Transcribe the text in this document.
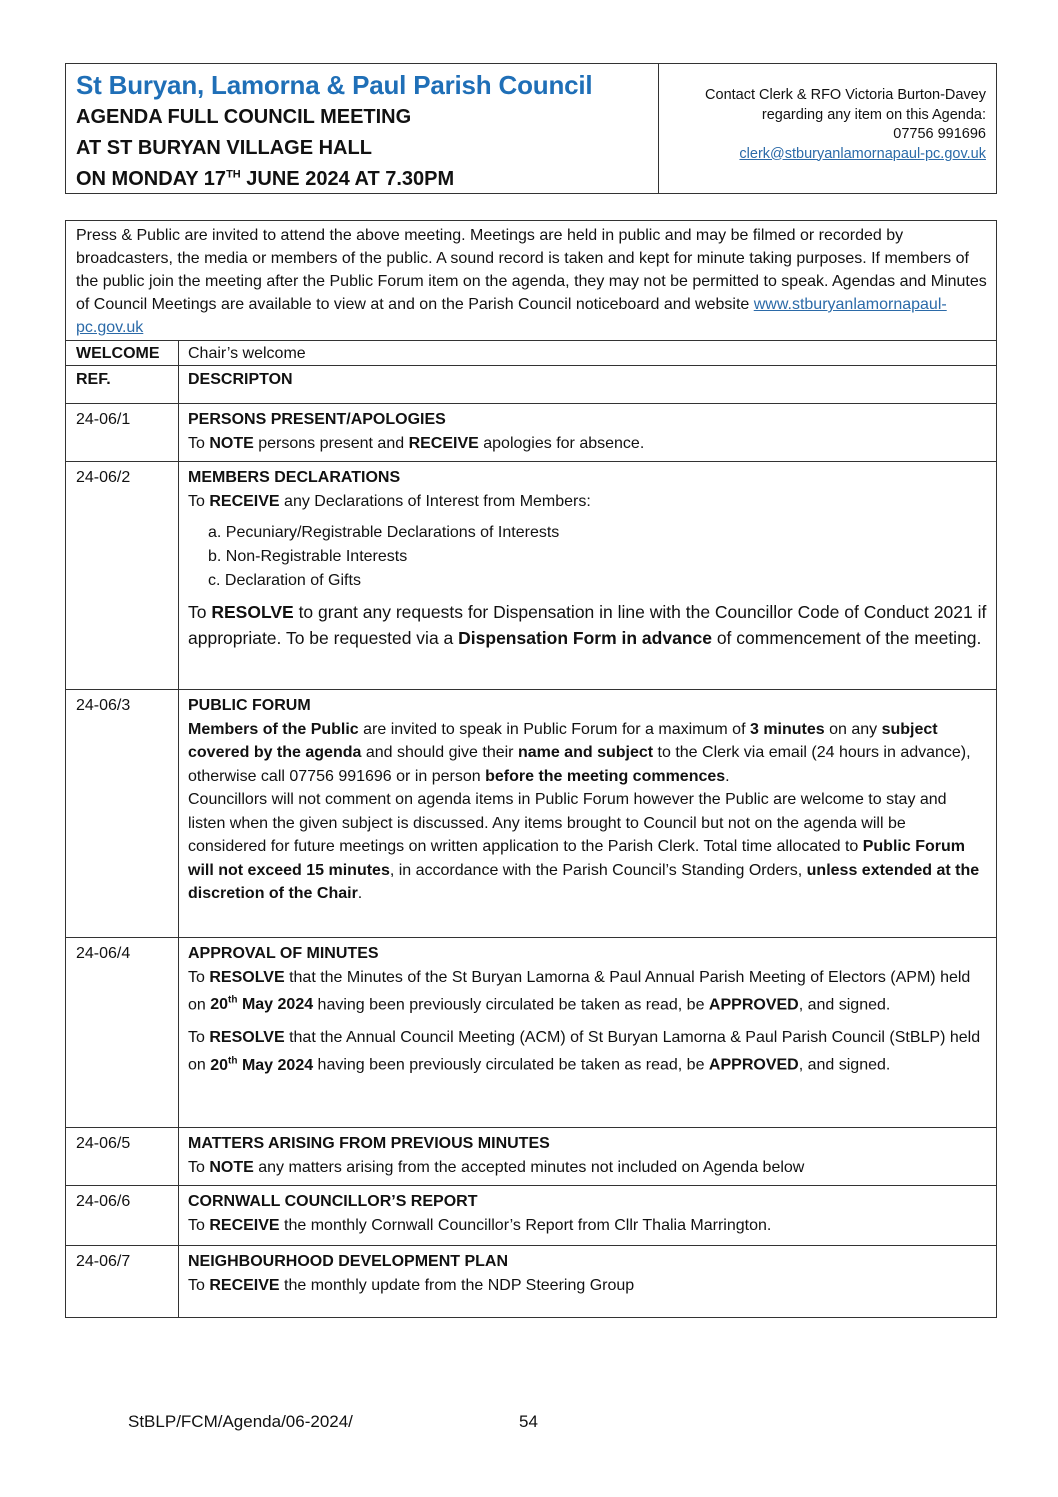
St Buryan, Lamorna & Paul Parish Council
AGENDA FULL COUNCIL MEETING
AT ST BURYAN VILLAGE HALL
ON MONDAY 17TH JUNE 2024 AT 7.30PM
Contact Clerk & RFO Victoria Burton-Davey
regarding any item on this Agenda:
07756 991696
clerk@stburyanlamornapaul-pc.gov.uk
Press & Public are invited to attend the above meeting. Meetings are held in public and may be filmed or recorded by broadcasters, the media or members of the public. A sound record is taken and kept for minute taking purposes. If members of the public join the meeting after the Public Forum item on the agenda, they may not be permitted to speak. Agendas and Minutes of Council Meetings are available to view at and on the Parish Council noticeboard and website www.stburyanlamornapaul-pc.gov.uk
WELCOME	Chair’s welcome
REF.	DESCRIPTON
24-06/1	PERSONS PRESENT/APOLOGIES
To NOTE persons present and RECEIVE apologies for absence.
24-06/2	MEMBERS DECLARATIONS
To RECEIVE any Declarations of Interest from Members:
a. Pecuniary/Registrable Declarations of Interests
b. Non-Registrable Interests
c. Declaration of Gifts
To RESOLVE to grant any requests for Dispensation in line with the Councillor Code of Conduct 2021 if appropriate. To be requested via a Dispensation Form in advance of commencement of the meeting.
24-06/3	PUBLIC FORUM
Members of the Public are invited to speak in Public Forum for a maximum of 3 minutes on any subject covered by the agenda and should give their name and subject to the Clerk via email (24 hours in advance), otherwise call 07756 991696 or in person before the meeting commences.
Councillors will not comment on agenda items in Public Forum however the Public are welcome to stay and listen when the given subject is discussed. Any items brought to Council but not on the agenda will be considered for future meetings on written application to the Parish Clerk. Total time allocated to Public Forum will not exceed 15 minutes, in accordance with the Parish Council’s Standing Orders, unless extended at the discretion of the Chair.
24-06/4	APPROVAL OF MINUTES
To RESOLVE that the Minutes of the St Buryan Lamorna & Paul Annual Parish Meeting of Electors (APM) held on 20th May 2024 having been previously circulated be taken as read, be APPROVED, and signed.
To RESOLVE that the Annual Council Meeting (ACM) of St Buryan Lamorna & Paul Parish Council (StBLP) held on 20th May 2024 having been previously circulated be taken as read, be APPROVED, and signed.
24-06/5	MATTERS ARISING FROM PREVIOUS MINUTES
To NOTE any matters arising from the accepted minutes not included on Agenda below
24-06/6	CORNWALL COUNCILLOR’S REPORT
To RECEIVE the monthly Cornwall Councillor’s Report from Cllr Thalia Marrington.
24-06/7	NEIGHBOURHOOD DEVELOPMENT PLAN
To RECEIVE the monthly update from the NDP Steering Group
StBLP/FCM/Agenda/06-2024/	54
